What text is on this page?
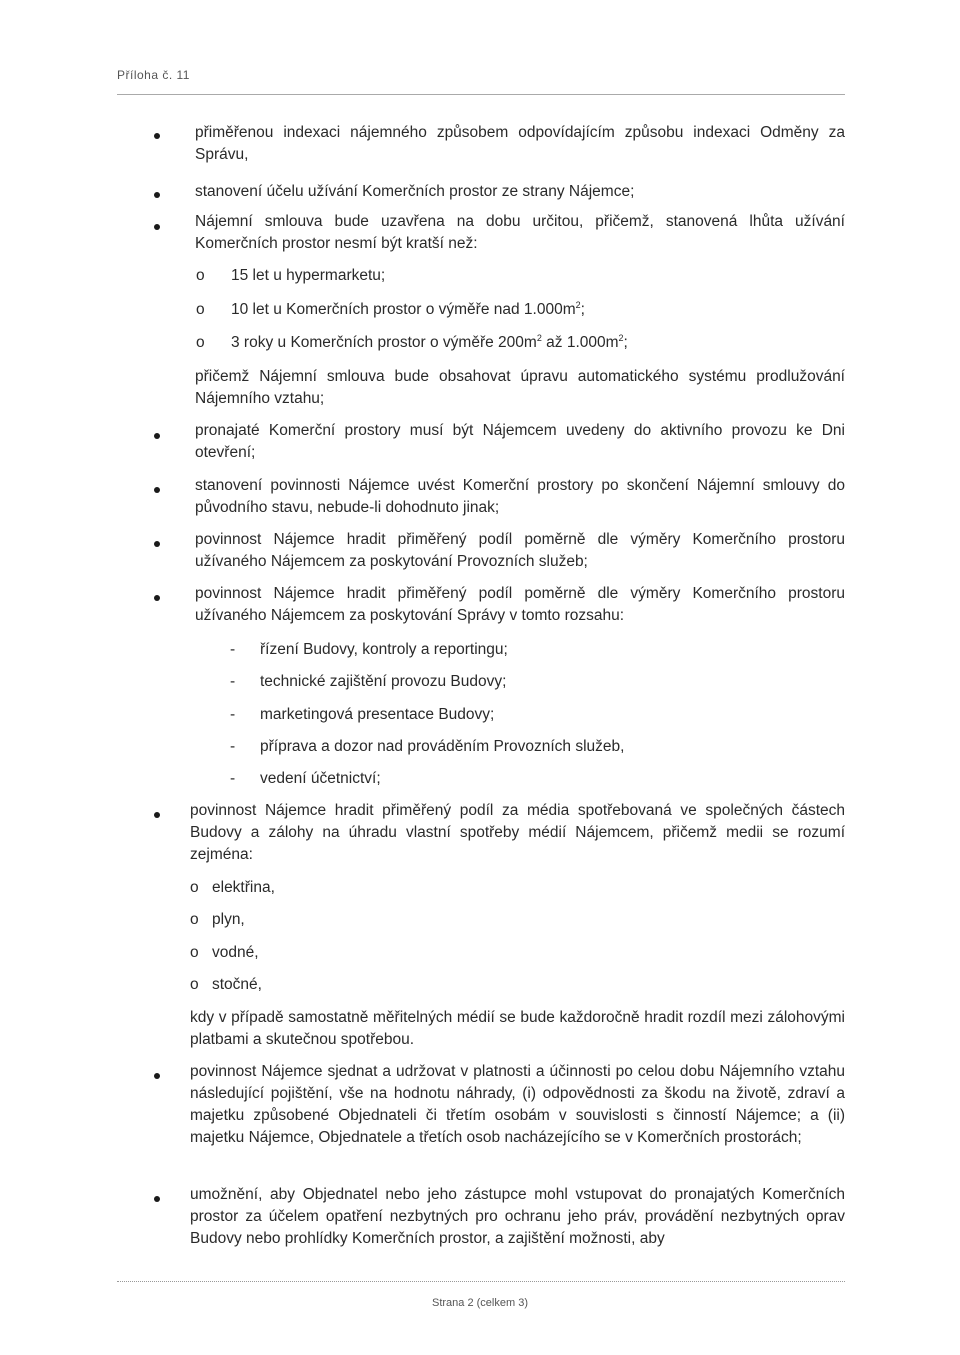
Příloha č. 11
přiměřenou indexaci nájemného způsobem odpovídajícím způsobu indexaci Odměny za Správu,
stanovení účelu užívání Komerčních prostor ze strany Nájemce;
Nájemní smlouva bude uzavřena na dobu určitou, přičemž, stanovená lhůta užívání Komerčních prostor nesmí být kratší než:
o 15 let u hypermarketu;
o 10 let u Komerčních prostor o výměře nad $1.000m^2$;
o 3 roky u Komerčních prostor o výměře $200m^2$ až $1.000m^2$;
přičemž Nájemní smlouva bude obsahovat úpravu automatického systému prodlužování Nájemního vztahu;
pronajaté Komerční prostory musí být Nájemcem uvedeny do aktivního provozu ke Dni otevření;
stanovení povinnosti Nájemce uvést Komerční prostory po skončení Nájemní smlouvy do původního stavu, nebude-li dohodnuto jinak;
povinnost Nájemce hradit přiměřený podíl poměrně dle výměry Komerčního prostoru užívaného Nájemcem za poskytování Provozních služeb;
povinnost Nájemce hradit přiměřený podíl poměrně dle výměry Komerčního prostoru užívaného Nájemcem za poskytování Správy v tomto rozsahu:
- řízení Budovy, kontroly a reportingu;
- technické zajištění provozu Budovy;
- marketingová presentace Budovy;
- příprava a dozor nad prováděním Provozních služeb,
- vedení účetnictví;
povinnost Nájemce hradit přiměřený podíl za média spotřebovaná ve společných částech Budovy a zálohy na úhradu vlastní spotřeby médií Nájemcem, přičemž medii se rozumí zejména:
o elektřina,
o plyn,
o vodné,
o stočné,
kdy v případě samostatně měřitelných médií se bude každoročně hradit rozdíl mezi zálohovými platbami a skutečnou spotřebou.
povinnost Nájemce sjednat a udržovat v platnosti a účinnosti po celou dobu Nájemního vztahu následující pojištění, vše na hodnotu náhrady, (i) odpovědnosti za škodu na životě, zdraví a majetku způsobené Objednateli či třetím osobám v souvislosti s činností Nájemce; a (ii) majetku Nájemce, Objednatele a třetích osob nacházejícího se v Komerčních prostorách;
umožnění, aby Objednatel nebo jeho zástupce mohl vstupovat do pronajatých Komerčních prostor za účelem opatření nezbytných pro ochranu jeho práv, provádění nezbytných oprav Budovy nebo prohlídky Komerčních prostor, a zajištění možnosti, aby
Strana 2 (celkem 3)
